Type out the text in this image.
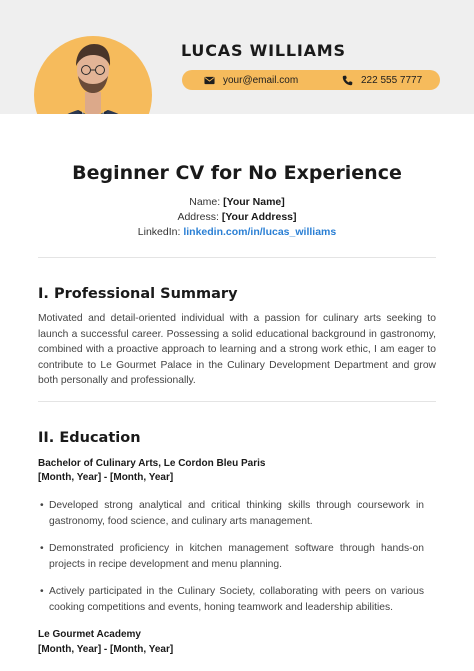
LUCAS WILLIAMS
your@email.com	222 555 7777
Beginner CV for No Experience
Name: [Your Name]
Address: [Your Address]
LinkedIn: linkedin.com/in/lucas_williams
I. Professional Summary
Motivated and detail-oriented individual with a passion for culinary arts seeking to launch a successful career. Possessing a solid educational background in gastronomy, combined with a proactive approach to learning and a strong work ethic, I am eager to contribute to Le Gourmet Palace in the Culinary Development Department and grow both personally and professionally.
II. Education
Bachelor of Culinary Arts, Le Cordon Bleu Paris
[Month, Year] - [Month, Year]
• Developed strong analytical and critical thinking skills through coursework in gastronomy, food science, and culinary arts management.
• Demonstrated proficiency in kitchen management software through hands-on projects in recipe development and menu planning.
• Actively participated in the Culinary Society, collaborating with peers on various cooking competitions and events, honing teamwork and leadership abilities.
Le Gourmet Academy
[Month, Year] - [Month, Year]
